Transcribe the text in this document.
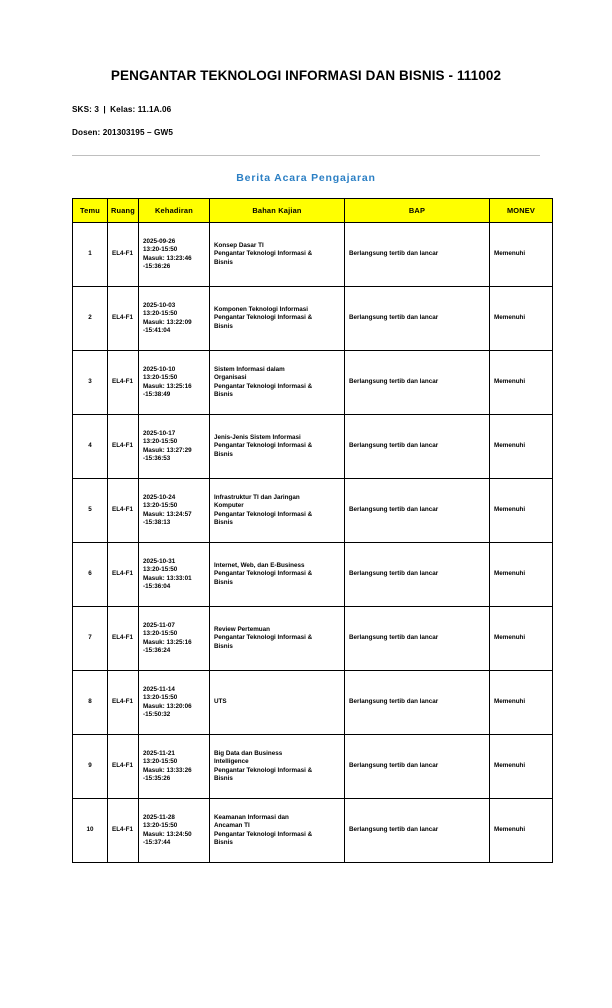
PENGANTAR TEKNOLOGI INFORMASI DAN BISNIS - 111002
SKS: 3 | Kelas: 11.1A.06
Dosen: 201303195 – GW5
Berita Acara Pengajaran
Temu	Ruang	Kehadiran	Bahan Kajian	BAP	MONEV
1	EL4-F1	2025-09-26
13:20-15:50
Masuk: 13:23:46
-15:36:26	Konsep Dasar TI
Pengantar Teknologi Informasi &
Bisnis	Berlangsung tertib dan lancar	Memenuhi
2	EL4-F1	2025-10-03
13:20-15:50
Masuk: 13:22:09
-15:41:04	Komponen Teknologi Informasi
Pengantar Teknologi Informasi &
Bisnis	Berlangsung tertib dan lancar	Memenuhi
3	EL4-F1	2025-10-10
13:20-15:50
Masuk: 13:25:16
-15:38:49	Sistem Informasi dalam
Organisasi
Pengantar Teknologi Informasi &
Bisnis	Berlangsung tertib dan lancar	Memenuhi
4	EL4-F1	2025-10-17
13:20-15:50
Masuk: 13:27:29
-15:36:53	Jenis-Jenis Sistem Informasi
Pengantar Teknologi Informasi &
Bisnis	Berlangsung tertib dan lancar	Memenuhi
5	EL4-F1	2025-10-24
13:20-15:50
Masuk: 13:24:57
-15:38:13	Infrastruktur TI dan Jaringan
Komputer
Pengantar Teknologi Informasi &
Bisnis	Berlangsung tertib dan lancar	Memenuhi
6	EL4-F1	2025-10-31
13:20-15:50
Masuk: 13:33:01
-15:36:04	Internet, Web, dan E-Business
Pengantar Teknologi Informasi &
Bisnis	Berlangsung tertib dan lancar	Memenuhi
7	EL4-F1	2025-11-07
13:20-15:50
Masuk: 13:25:16
-15:36:24	Review Pertemuan
Pengantar Teknologi Informasi &
Bisnis	Berlangsung tertib dan lancar	Memenuhi
8	EL4-F1	2025-11-14
13:20-15:50
Masuk: 13:20:06
-15:50:32	UTS	Berlangsung tertib dan lancar	Memenuhi
9	EL4-F1	2025-11-21
13:20-15:50
Masuk: 13:33:26
-15:35:26	Big Data dan Business
Intelligence
Pengantar Teknologi Informasi &
Bisnis	Berlangsung tertib dan lancar	Memenuhi
10	EL4-F1	2025-11-28
13:20-15:50
Masuk: 13:24:50
-15:37:44	Keamanan Informasi dan
Ancaman TI
Pengantar Teknologi Informasi &
Bisnis	Berlangsung tertib dan lancar	Memenuhi
